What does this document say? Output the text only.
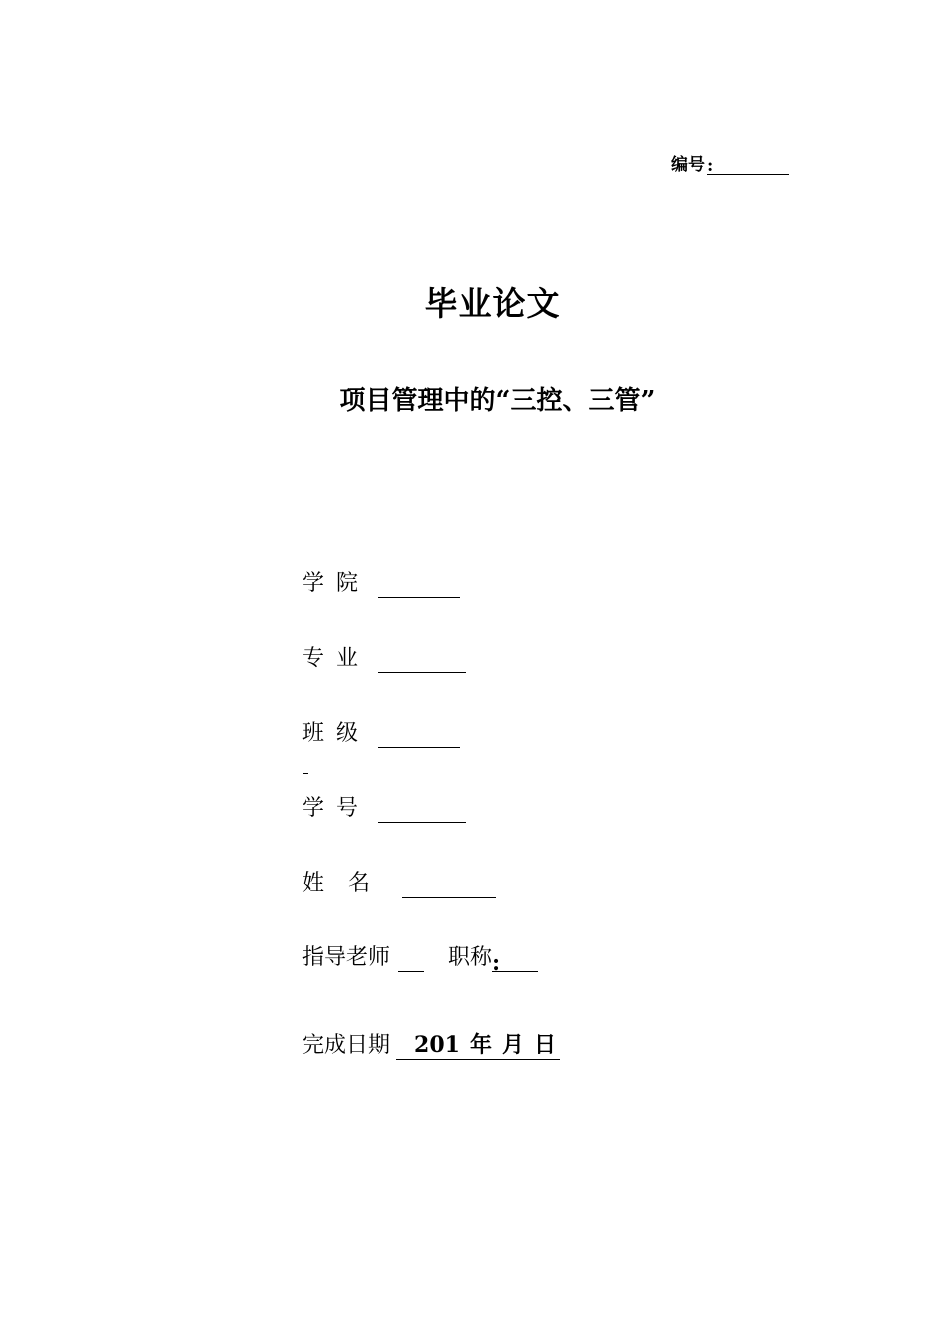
编号 :
毕业论文
项目管理中的“三控、三管”
学院
专业
班级
学号
姓名
指导老师	职称:
完成日期 201 年 月 日
